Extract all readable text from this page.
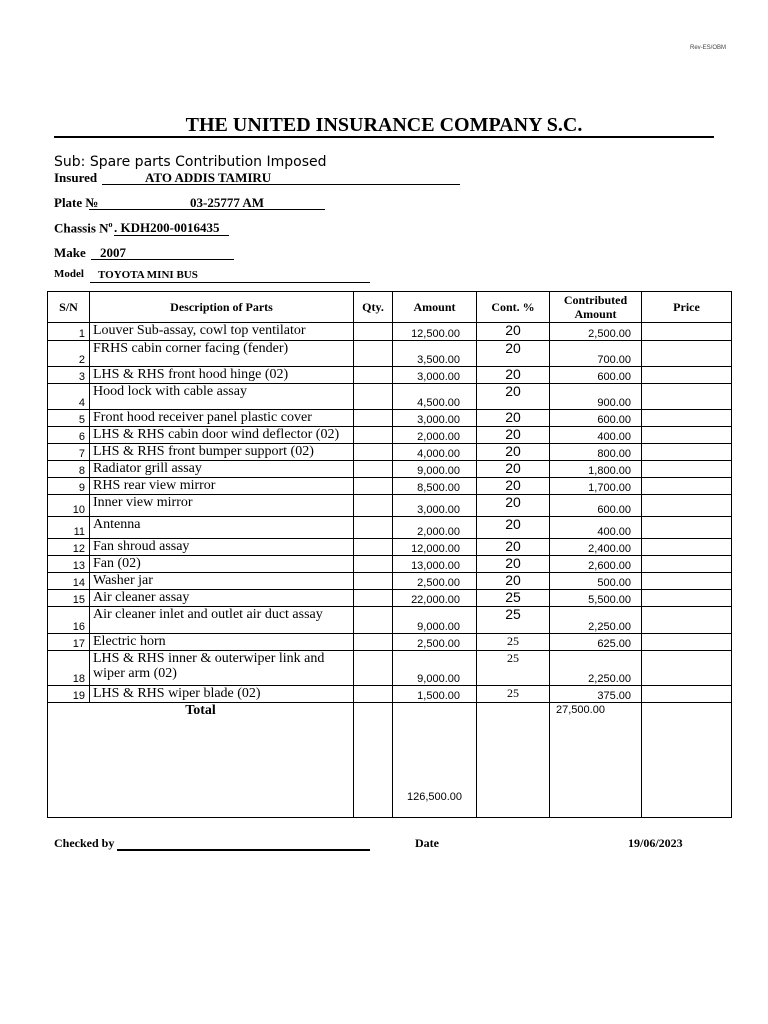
Rev-ES/OBM
THE UNITED INSURANCE COMPANY S.C.
Sub: Spare parts Contribution Imposed
Insured	ATO ADDIS TAMIRU
Plate №	03-25777 AM
Chassis $N^o$ . KDH200-0016435
Make	2007
Model	TOYOTA MINI BUS
S/N	Description of Parts	Qty.	Amount	Cont. %	Contributed Amount	Price
1	Louver Sub-assay, cowl top ventilator		12,500.00	20	2,500.00	
2	FRHS cabin corner facing (fender)		3,500.00	20	700.00	
3	LHS & RHS front hood hinge (02)		3,000.00	20	600.00	
4	Hood lock with cable assay		4,500.00	20	900.00	
5	Front hood receiver panel plastic cover		3,000.00	20	600.00	
6	LHS & RHS cabin door wind deflector (02)		2,000.00	20	400.00	
7	LHS & RHS front bumper support (02)		4,000.00	20	800.00	
8	Radiator grill assay		9,000.00	20	1,800.00	
9	RHS rear view mirror		8,500.00	20	1,700.00	
10	Inner view mirror		3,000.00	20	600.00	
11	Antenna		2,000.00	20	400.00	
12	Fan shroud assay		12,000.00	20	2,400.00	
13	Fan (02)		13,000.00	20	2,600.00	
14	Washer jar		2,500.00	20	500.00	
15	Air cleaner assay		22,000.00	25	5,500.00	
16	Air cleaner inlet and outlet air duct assay		9,000.00	25	2,250.00	
17	Electric horn		2,500.00	25	625.00	
18	LHS & RHS inner & outerwiper link and wiper arm (02)		9,000.00	25	2,250.00	
19	LHS & RHS wiper blade (02)		1,500.00	25	375.00	
Total			126,500.00		27,500.00	
Checked by	Date	19/06/2023
